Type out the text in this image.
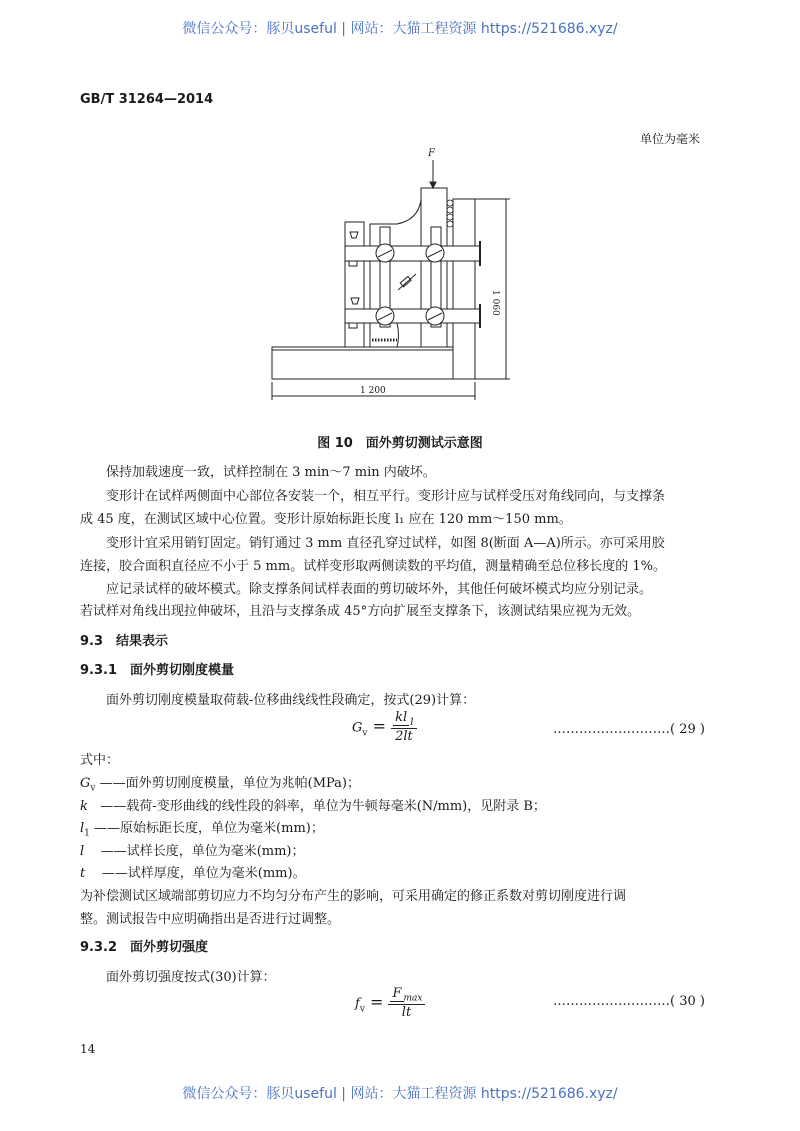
微信公众号：豚贝useful | 网站：大猫工程资源 https://521686.xyz/
GB/T 31264—2014
单位为毫米
F
1 060
1 200
图 10　面外剪切测试示意图
保持加载速度一致，试样控制在 3 min～7 min 内破坏。
变形计在试样两侧面中心部位各安装一个，相互平行。变形计应与试样受压对角线同向，与支撑条
成 45 度，在测试区域中心位置。变形计原始标距长度 l₁ 应在 120 mm～150 mm。
变形计宜采用销钉固定。销钉通过 3 mm 直径孔穿过试样，如图 8(断面 A—A)所示。亦可采用胶
连接，胶合面积直径应不小于 5 mm。试样变形取两侧读数的平均值，测量精确至总位移长度的 1%。
应记录试样的破坏模式。除支撑条间试样表面的剪切破坏外，其他任何破坏模式均应分别记录。
若试样对角线出现拉伸破坏，且沿与支撑条成 45°方向扩展至支撑条下，该测试结果应视为无效。
9.3　结果表示
9.3.1　面外剪切刚度模量
面外剪切刚度模量取荷载-位移曲线线性段确定，按式(29)计算：
$G_v = \frac{kl _1}{2lt}$	………………………( 29 )
式中：
$G_v$ ——面外剪切刚度模量，单位为兆帕(MPa)；
k ——载荷-变形曲线的线性段的斜率，单位为牛顿每毫米(N/mm)，见附录 B；
$l_1$ ——原始标距长度，单位为毫米(mm)；
l ——试样长度，单位为毫米(mm)；
t ——试样厚度，单位为毫米(mm)。
为补偿测试区域端部剪切应力不均匀分布产生的影响，可采用确定的修正系数对剪切刚度进行调
整。测试报告中应明确指出是否进行过调整。
9.3.2　面外剪切强度
面外剪切强度按式(30)计算：
$f_v = \frac{F _{max}}{lt}$	………………………( 30 )
14
微信公众号：豚贝useful | 网站：大猫工程资源 https://521686.xyz/
